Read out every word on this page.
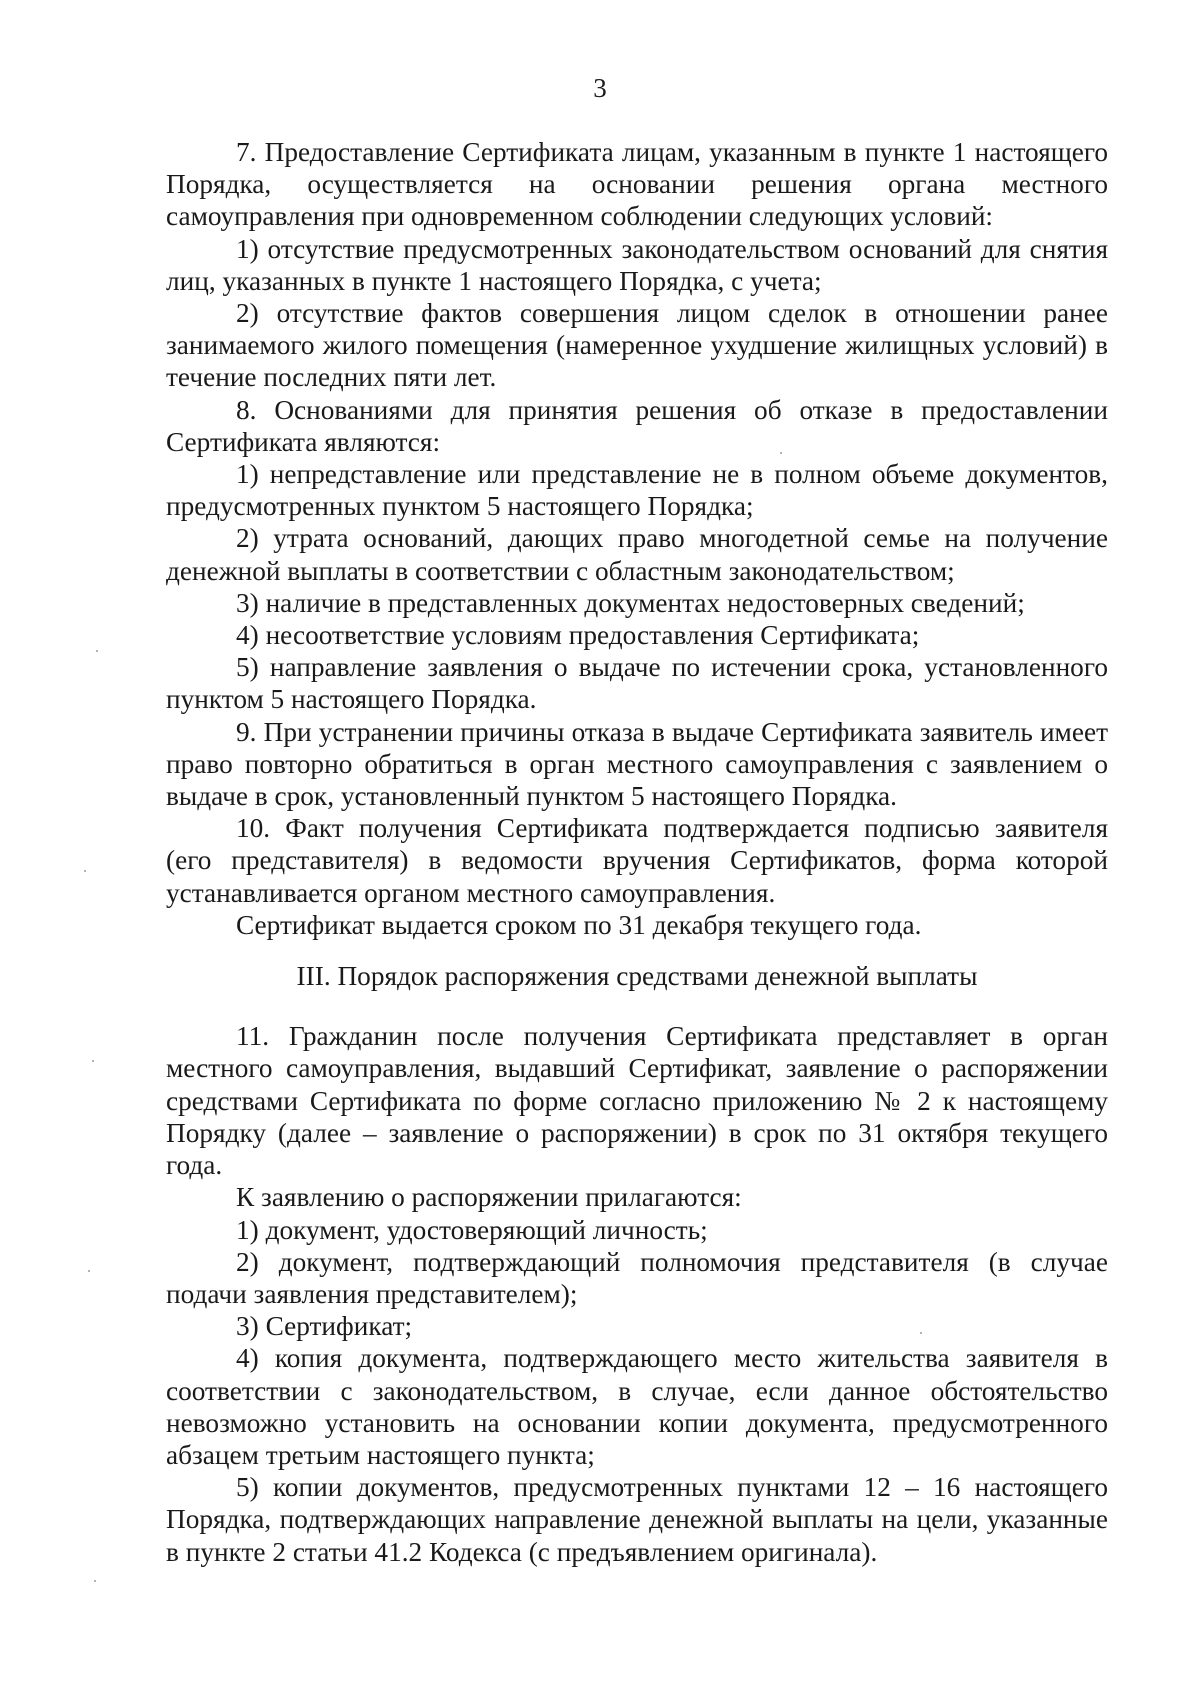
3

7. Предоставление Сертификата лицам, указанным в пункте 1 настоящего Порядка, осуществляется на основании решения органа местного самоуправления при одновременном соблюдении следующих условий:

1) отсутствие предусмотренных законодательством оснований для снятия лиц, указанных в пункте 1 настоящего Порядка, с учета;

2) отсутствие фактов совершения лицом сделок в отношении ранее занимаемого жилого помещения (намеренное ухудшение жилищных условий) в течение последних пяти лет.

8. Основаниями для принятия решения об отказе в предоставлении Сертификата являются:

1) непредставление или представление не в полном объеме документов, предусмотренных пунктом 5 настоящего Порядка;

2) утрата оснований, дающих право многодетной семье на получение денежной выплаты в соответствии с областным законодательством;

3) наличие в представленных документах недостоверных сведений;

4) несоответствие условиям предоставления Сертификата;

5) направление заявления о выдаче по истечении срока, установленного пунктом 5 настоящего Порядка.

9. При устранении причины отказа в выдаче Сертификата заявитель имеет право повторно обратиться в орган местного самоуправления с заявлением о выдаче в срок, установленный пунктом 5 настоящего Порядка.

10. Факт получения Сертификата подтверждается подписью заявителя (его представителя) в ведомости вручения Сертификатов, форма которой устанавливается органом местного самоуправления.

Сертификат выдается сроком по 31 декабря текущего года.

III. Порядок распоряжения средствами денежной выплаты

11. Гражданин после получения Сертификата представляет в орган местного самоуправления, выдавший Сертификат, заявление о распоряжении средствами Сертификата по форме согласно приложению № 2 к настоящему Порядку (далее – заявление о распоряжении) в срок по 31 октября текущего года.

К заявлению о распоряжении прилагаются:

1) документ, удостоверяющий личность;

2) документ, подтверждающий полномочия представителя (в случае подачи заявления представителем);

3) Сертификат;

4) копия документа, подтверждающего место жительства заявителя в соответствии с законодательством, в случае, если данное обстоятельство невозможно установить на основании копии документа, предусмотренного абзацем третьим настоящего пункта;

5) копии документов, предусмотренных пунктами 12 – 16 настоящего Порядка, подтверждающих направление денежной выплаты на цели, указанные в пункте 2 статьи 41.2 Кодекса (с предъявлением оригинала).
